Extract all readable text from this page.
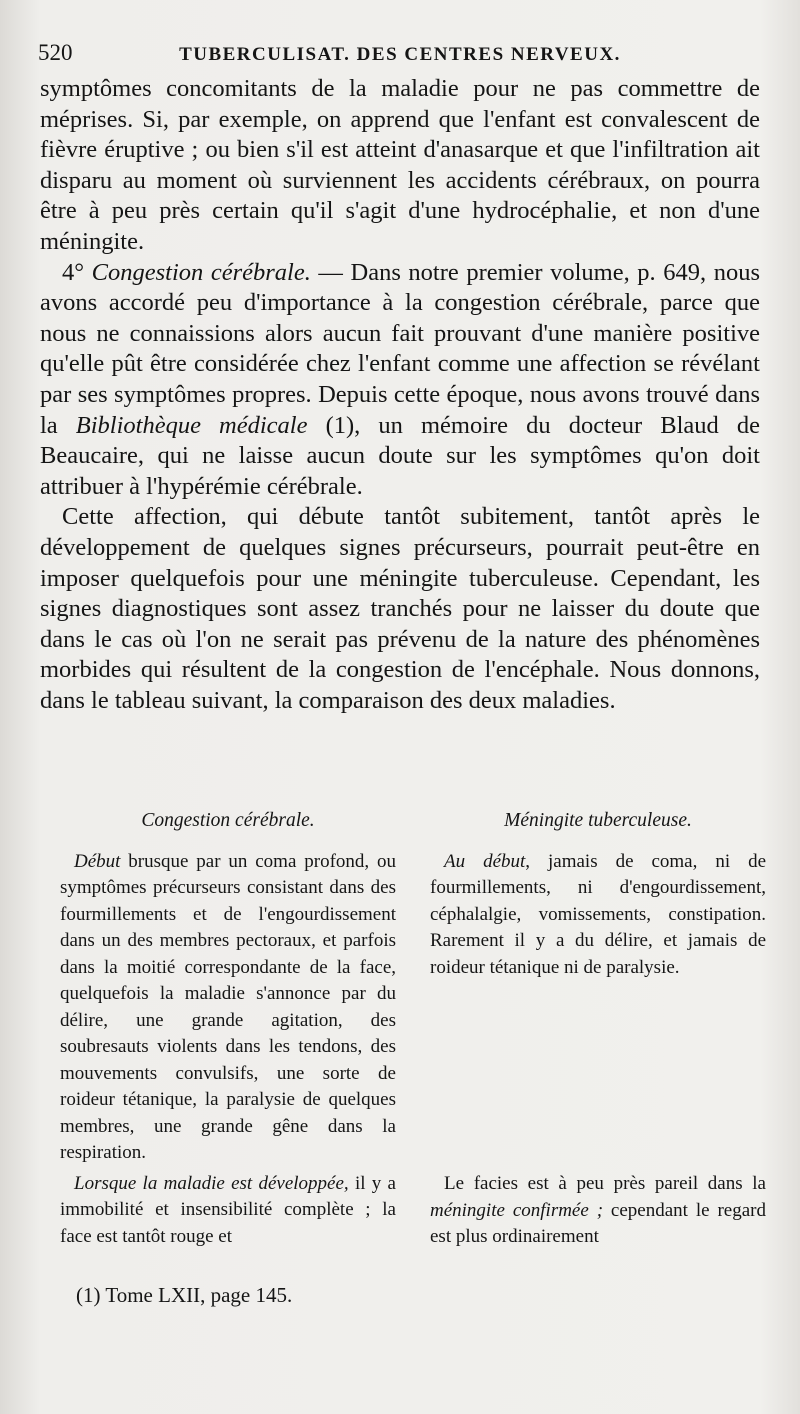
520	TUBERCULISAT. DES CENTRES NERVEUX.

symptômes concomitants de la maladie pour ne pas commettre de méprises. Si, par exemple, on apprend que l'enfant est convalescent de fièvre éruptive ; ou bien s'il est atteint d'anasarque et que l'infiltration ait disparu au moment où surviennent les accidents cérébraux, on pourra être à peu près certain qu'il s'agit d'une hydrocéphalie, et non d'une méningite.

4° Congestion cérébrale. — Dans notre premier volume, p. 649, nous avons accordé peu d'importance à la congestion cérébrale, parce que nous ne connaissions alors aucun fait prouvant d'une manière positive qu'elle pût être considérée chez l'enfant comme une affection se révélant par ses symptômes propres. Depuis cette époque, nous avons trouvé dans la Bibliothèque médicale (1), un mémoire du docteur Blaud de Beaucaire, qui ne laisse aucun doute sur les symptômes qu'on doit attribuer à l'hypérémie cérébrale.

Cette affection, qui débute tantôt subitement, tantôt après le développement de quelques signes précurseurs, pourrait peut-être en imposer quelquefois pour une méningite tuberculeuse. Cependant, les signes diagnostiques sont assez tranchés pour ne laisser du doute que dans le cas où l'on ne serait pas prévenu de la nature des phénomènes morbides qui résultent de la congestion de l'encéphale. Nous donnons, dans le tableau suivant, la comparaison des deux maladies.

Congestion cérébrale.

Début brusque par un coma profond, ou symptômes précurseurs consistant dans des fourmillements et de l'engourdissement dans un des membres pectoraux, et parfois dans la moitié correspondante de la face, quelquefois la maladie s'annonce par du délire, une grande agitation, des soubresauts violents dans les tendons, des mouvements convulsifs, une sorte de roideur tétanique, la paralysie de quelques membres, une grande gêne dans la respiration.

Lorsque la maladie est développée, il y a immobilité et insensibilité complète ; la face est tantôt rouge et

Méningite tuberculeuse.

Au début, jamais de coma, ni de fourmillements, ni d'engourdissement, céphalalgie, vomissements, constipation. Rarement il y a du délire, et jamais de roideur tétanique ni de paralysie.

Le facies est à peu près pareil dans la méningite confirmée ; cependant le regard est plus ordinairement

(1) Tome LXII, page 145.
